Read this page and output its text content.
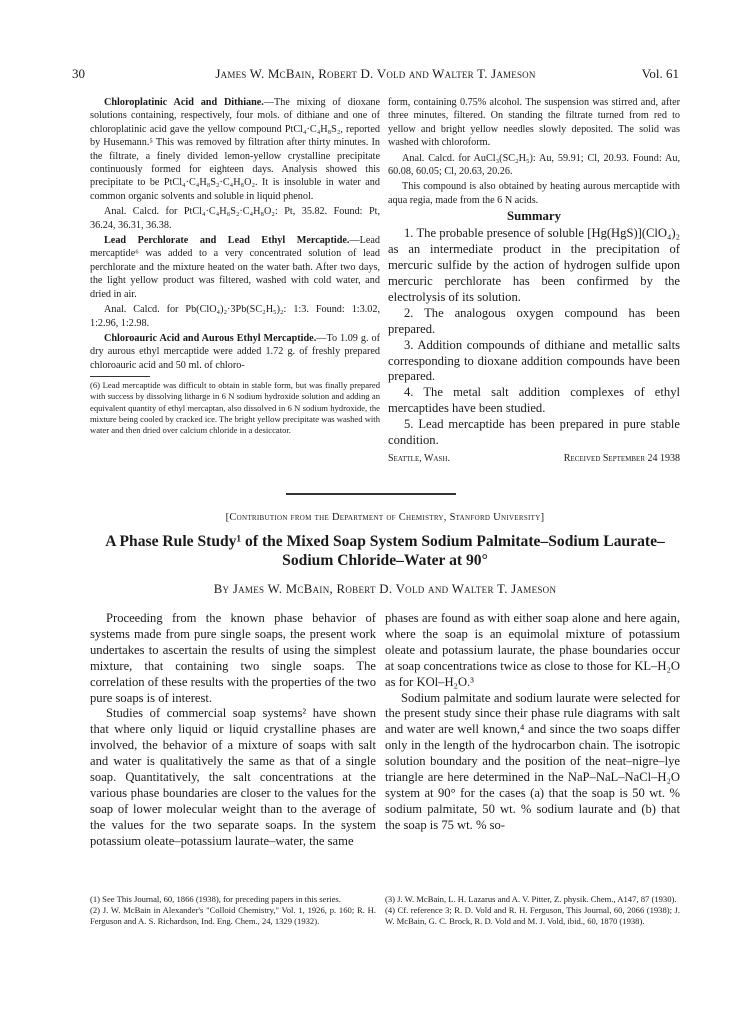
30	James W. McBain, Robert D. Vold and Walter T. Jameson	Vol. 61

Chloroplatinic Acid and Dithiane.—The mixing of dioxane solutions containing, respectively, four mols. of dithiane and one of chloroplatinic acid gave the yellow compound PtCl₄·C₄H₈S₂, reported by Husemann.⁵ This was removed by filtration after thirty minutes. In the filtrate, a finely divided lemon-yellow crystalline precipitate continuously formed for eighteen days. Analysis showed this precipitate to be PtCl₄·C₄H₈S₂·C₄H₈O₂. It is insoluble in water and common organic solvents and soluble in liquid phenol.

Anal. Calcd. for PtCl₄·C₄H₈S₂·C₄H₈O₂: Pt, 35.82. Found: Pt, 36.24, 36.31, 36.38.

Lead Perchlorate and Lead Ethyl Mercaptide.—Lead mercaptide⁶ was added to a very concentrated solution of lead perchlorate and the mixture heated on the water bath. After two days, the light yellow product was filtered, washed with cold water, and dried in air.

Anal. Calcd. for Pb(ClO₄)₂·3Pb(SC₂H₅)₂: 1:3. Found: 1:3.02, 1:2.96, 1:2.98.

Chloroauric Acid and Aurous Ethyl Mercaptide.—To 1.09 g. of dry aurous ethyl mercaptide were added 1.72 g. of freshly prepared chloroauric acid and 50 ml. of chloro-

(6) Lead mercaptide was difficult to obtain in stable form, but was finally prepared with success by dissolving litharge in 6 N sodium hydroxide solution and adding an equivalent quantity of ethyl mercaptan, also dissolved in 6 N sodium hydroxide, the mixture being cooled by cracked ice. The bright yellow precipitate was washed with water and then dried over calcium chloride in a desiccator.

form, containing 0.75% alcohol. The suspension was stirred and, after three minutes, filtered. On standing the filtrate turned from red to yellow and bright yellow needles slowly deposited. The solid was washed with chloroform.

Anal. Calcd. for AuCl₃(SC₂H₅): Au, 59.91; Cl, 20.93. Found: Au, 60.08, 60.05; Cl, 20.63, 20.26.

This compound is also obtained by heating aurous mercaptide with aqua regia, made from the 6 N acids.

Summary

1. The probable presence of soluble [Hg(HgS)](ClO₄)₂ as an intermediate product in the precipitation of mercuric sulfide by the action of hydrogen sulfide upon mercuric perchlorate has been confirmed by the electrolysis of its solution.

2. The analogous oxygen compound has been prepared.

3. Addition compounds of dithiane and metallic salts corresponding to dioxane addition compounds have been prepared.

4. The metal salt addition complexes of ethyl mercaptides have been studied.

5. Lead mercaptide has been prepared in pure stable condition.

Seattle, Wash.	Received September 24 1938
[Contribution from the Department of Chemistry, Stanford University]
A Phase Rule Study¹ of the Mixed Soap System Sodium Palmitate–Sodium Laurate–
Sodium Chloride–Water at 90°
By James W. McBain, Robert D. Vold and Walter T. Jameson

Proceeding from the known phase behavior of systems made from pure single soaps, the present work undertakes to ascertain the results of using the simplest mixture, that containing two single soaps. The correlation of these results with the properties of the two pure soaps is of interest.

Studies of commercial soap systems² have shown that where only liquid or liquid crystalline phases are involved, the behavior of a mixture of soaps with salt and water is qualitatively the same as that of a single soap. Quantitatively, the salt concentrations at the various phase boundaries are closer to the values for the soap of lower molecular weight than to the average of the values for the two separate soaps. In the system potassium oleate–potassium laurate–water, the same

phases are found as with either soap alone and here again, where the soap is an equimolal mixture of potassium oleate and potassium laurate, the phase boundaries occur at soap concentrations twice as close to those for KL–H₂O as for KOl–H₂O.³

Sodium palmitate and sodium laurate were selected for the present study since their phase rule diagrams with salt and water are well known,⁴ and since the two soaps differ only in the length of the hydrocarbon chain. The isotropic solution boundary and the position of the neat–nigre–lye triangle are here determined in the NaP–NaL–NaCl–H₂O system at 90° for the cases (a) that the soap is 50 wt. % sodium palmitate, 50 wt. % sodium laurate and (b) that the soap is 75 wt. % so-

(1) See This Journal, 60, 1866 (1938), for preceding papers in this series.

(2) J. W. McBain in Alexander's "Colloid Chemistry," Vol. 1, 1926, p. 160; R. H. Ferguson and A. S. Richardson, Ind. Eng. Chem., 24, 1329 (1932).

(3) J. W. McBain, L. H. Lazarus and A. V. Pitter, Z. physik. Chem., A147, 87 (1930).

(4) Cf. reference 3; R. D. Vold and R. H. Ferguson, This Journal, 60, 2066 (1938); J. W. McBain, G. C. Brock, R. D. Vold and M. J. Vold, ibid., 60, 1870 (1938).
